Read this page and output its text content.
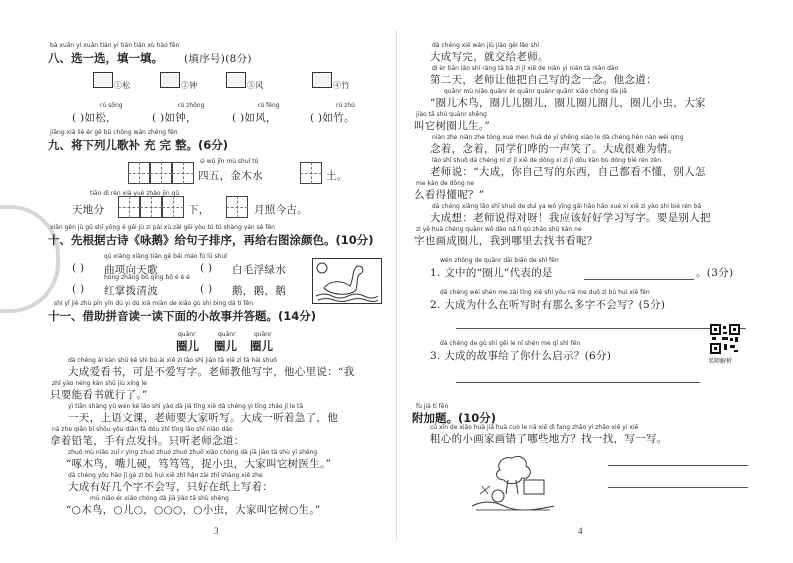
bā xuǎn yi xuǎn tián yi tián tián xù hào fēn
八、选一选，填一填。 (填序号)(8分)
①松	②钟	③风	④竹
rú sōng	rú zhōng	rú fēng	rú zhú
( )如松，	( )如钟，	( )如风，	( )如竹。
jiāng xià liè ér gē bǔ chōng wán zhěng fēn
九、将下列儿歌补 充 完 整。(6分)
sì wǔ jīn mù shuǐ tǔ
四五，金木水	土。
tiān dì rén xià yuè zhào jīn gǔ
天地分	下，	月照今古。
xiān gēn jù gǔ shī yǒng é gěi jù zi pái xù zài gěi yòu tú tú shàng yán sè fēn
十、先根据古诗《咏鹅》给句子排序，再给右图涂颜色。(10分)
qū xiàng xiàng tiān gē bái máo fú lǜ shuǐ
( ) 曲项向天歌	( ) 白毛浮绿水
hóng zhǎng bō qīng bō é é é
( ) 红掌拨清波	( ) 鹅，鹅，鹅
shí yī jiè zhù pīn yīn dú yi dú xià miàn de xiǎo gù shi bìng dá tí fēn
十一、借助拼音读一读下面的小故事并答题。(14分)
quānr	quānr	quānr
圈儿 圈儿 圈儿
dà chéng ài kàn shū kě shì bú ài xiě zì lǎo shī jiào tā xiě zì tā hái shuō
大成爱看书，可是不爱写字。老师教他写字，他心里说：“我
zhǐ yào néng kàn shū jiù xíng le
只要能看书就行了。”
yì tiān shàng yǔ wén kè lǎo shī yào dà jiā tīng xiě dà chéng yì tīng zháo jí le tā
一天，上语文课，老师要大家听写。大成一听着急了，他
ná zhe qiān bǐ shǒu yǒu diǎn fā dǒu zhǐ tīng lǎo shī niàn dào
拿着铅笔，手有点发抖。只听老师念道：
zhuó mù niǎo zuǐ r yìng zhuó zhuó zhuó zhuō xiǎo chóng dà jiā jiào tā shù yī shēng
“啄木鸟，嘴儿硬，笃笃笃，捉小虫，大家叫它树医生。”
dà chéng yǒu hǎo jǐ gè zì bú huì xiě zhǐ hǎo zài zhǐ shàng xiě zhe
大成有好几个字不会写，只好在纸上写着：
mù niǎo ér xiǎo chóng dà jiā jiào tā shù shēng
“○木鸟，○儿○，○○○，○小虫，大家叫它树○生。”
3
dà chéng xiě wán jiù jiāo gěi lǎo shī
大成写完，就交给老师。
dì èr tiān lǎo shī ràng tā bǎ zì jǐ xiě de niàn yi niàn tā niàn dào
第二天，老师让他把自己写的念一念。他念道：
quānr mù niǎo quānr ér quānr quānr quānr xiǎo chóng dà jiā
“圈儿木鸟，圈儿儿圈儿，圈儿圈儿圈儿，圈儿小虫，大家
jiào tā shù quānr shēng
叫它树圈儿生。”
niàn zhe niàn zhe tóng xué men huā de yì shēng xiào le dà chéng hěn nán wéi qíng
念着，念着，同学们哗的一声笑了。大成很难为情。
lǎo shī shuō dà chéng nǐ zì jǐ xiě de dōng xi zì jǐ dōu kàn bù dǒng bié rén zěn
老师说：“大成，你自己写的东西，自己都看不懂，别人怎
me kàn de dǒng ne
么看得懂呢？”
dà chéng xiǎng lǎo shī shuō de duì ya wǒ yīng gāi hǎo hǎo xué xí xiě zì yào shi bié rén bǎ
大成想：老师说得对呀！我应该好好学习写字。要是别人把
zì yě huà chéng quānr wǒ dào nǎ lǐ qù zhǎo shū kàn ne
字也画成圈儿，我到哪里去找书看呢？
wén zhōng de quānr dài biǎo de shì fēn
1. 文中的“圈儿”代表的是	。(3分)
dà chéng wèi shén me zài tīng xiě shí yǒu nà me duō zì bú huì xiě fēn
2. 大成为什么在听写时有那么多字不会写？(5分)
dà chéng de gù shi gěi le nǐ shén me qǐ shì fēn
3. 大成的故事给了你什么启示？(6分)	名师解析
fù jiā tí fēn
附加题。(10分)
cū xīn de xiǎo huà jiā huà cuò le nǎ xiē dì fang zhǎo yi zhǎo xiě yi xiě
粗心的小画家画错了哪些地方？找一找，写一写。
4
